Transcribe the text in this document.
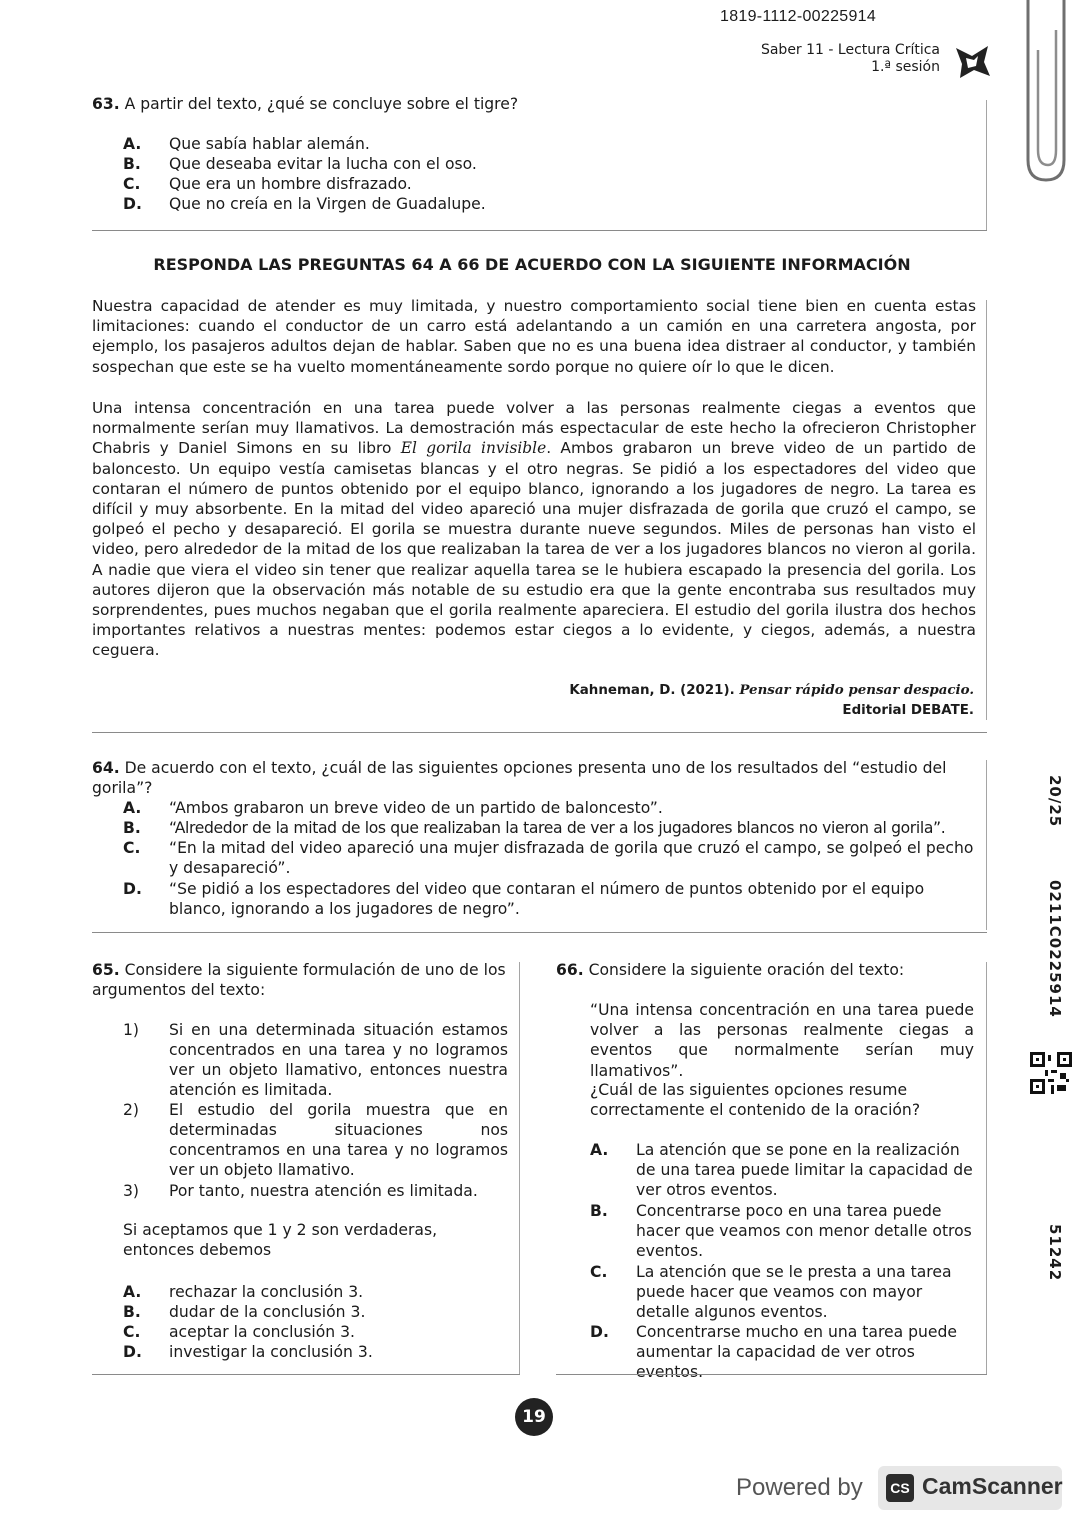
1819-1112-00225914
Saber 11 - Lectura Crítica
1.ª sesión
63. A partir del texto, ¿qué se concluye sobre el tigre?
A. Que sabía hablar alemán.
B. Que deseaba evitar la lucha con el oso.
C. Que era un hombre disfrazado.
D. Que no creía en la Virgen de Guadalupe.
RESPONDA LAS PREGUNTAS 64 A 66 DE ACUERDO CON LA SIGUIENTE INFORMACIÓN
Nuestra capacidad de atender es muy limitada, y nuestro comportamiento social tiene bien en cuenta estas limitaciones: cuando el conductor de un carro está adelantando a un camión en una carretera angosta, por ejemplo, los pasajeros adultos dejan de hablar. Saben que no es una buena idea distraer al conductor, y también sospechan que este se ha vuelto momentáneamente sordo porque no quiere oír lo que le dicen.
Una intensa concentración en una tarea puede volver a las personas realmente ciegas a eventos que normalmente serían muy llamativos. La demostración más espectacular de este hecho la ofrecieron Christopher Chabris y Daniel Simons en su libro El gorila invisible. Ambos grabaron un breve video de un partido de baloncesto. Un equipo vestía camisetas blancas y el otro negras. Se pidió a los espectadores del video que contaran el número de puntos obtenido por el equipo blanco, ignorando a los jugadores de negro. La tarea es difícil y muy absorbente. En la mitad del video apareció una mujer disfrazada de gorila que cruzó el campo, se golpeó el pecho y desapareció. El gorila se muestra durante nueve segundos. Miles de personas han visto el video, pero alrededor de la mitad de los que realizaban la tarea de ver a los jugadores blancos no vieron al gorila. A nadie que viera el video sin tener que realizar aquella tarea se le hubiera escapado la presencia del gorila. Los autores dijeron que la observación más notable de su estudio era que la gente encontraba sus resultados muy sorprendentes, pues muchos negaban que el gorila realmente apareciera. El estudio del gorila ilustra dos hechos importantes relativos a nuestras mentes: podemos estar ciegos a lo evidente, y ciegos, además, a nuestra ceguera.
Kahneman, D. (2021). Pensar rápido pensar despacio.
Editorial DEBATE.
64. De acuerdo con el texto, ¿cuál de las siguientes opciones presenta uno de los resultados del “estudio del gorila”?
A. “Ambos grabaron un breve video de un partido de baloncesto”.
B. “Alrededor de la mitad de los que realizaban la tarea de ver a los jugadores blancos no vieron al gorila”.
C. “En la mitad del video apareció una mujer disfrazada de gorila que cruzó el campo, se golpeó el pecho y desapareció”.
D. “Se pidió a los espectadores del video que contaran el número de puntos obtenido por el equipo blanco, ignorando a los jugadores de negro”.
65. Considere la siguiente formulación de uno de los argumentos del texto:
1) Si en una determinada situación estamos concentrados en una tarea y no logramos ver un objeto llamativo, entonces nuestra atención es limitada.
2) El estudio del gorila muestra que en determinadas situaciones nos concentramos en una tarea y no logramos ver un objeto llamativo.
3) Por tanto, nuestra atención es limitada.
Si aceptamos que 1 y 2 son verdaderas, entonces debemos
A. rechazar la conclusión 3.
B. dudar de la conclusión 3.
C. aceptar la conclusión 3.
D. investigar la conclusión 3.
66. Considere la siguiente oración del texto:
“Una intensa concentración en una tarea puede volver a las personas realmente ciegas a eventos que normalmente serían muy llamativos”.
¿Cuál de las siguientes opciones resume correctamente el contenido de la oración?
A. La atención que se pone en la realización de una tarea puede limitar la capacidad de ver otros eventos.
B. Concentrarse poco en una tarea puede hacer que veamos con menor detalle otros eventos.
C. La atención que se le presta a una tarea puede hacer que veamos con mayor detalle algunos eventos.
D. Concentrarse mucho en una tarea puede aumentar la capacidad de ver otros eventos.
20/25
0211C0225914
51242
19
Powered by	CS CamScanner
